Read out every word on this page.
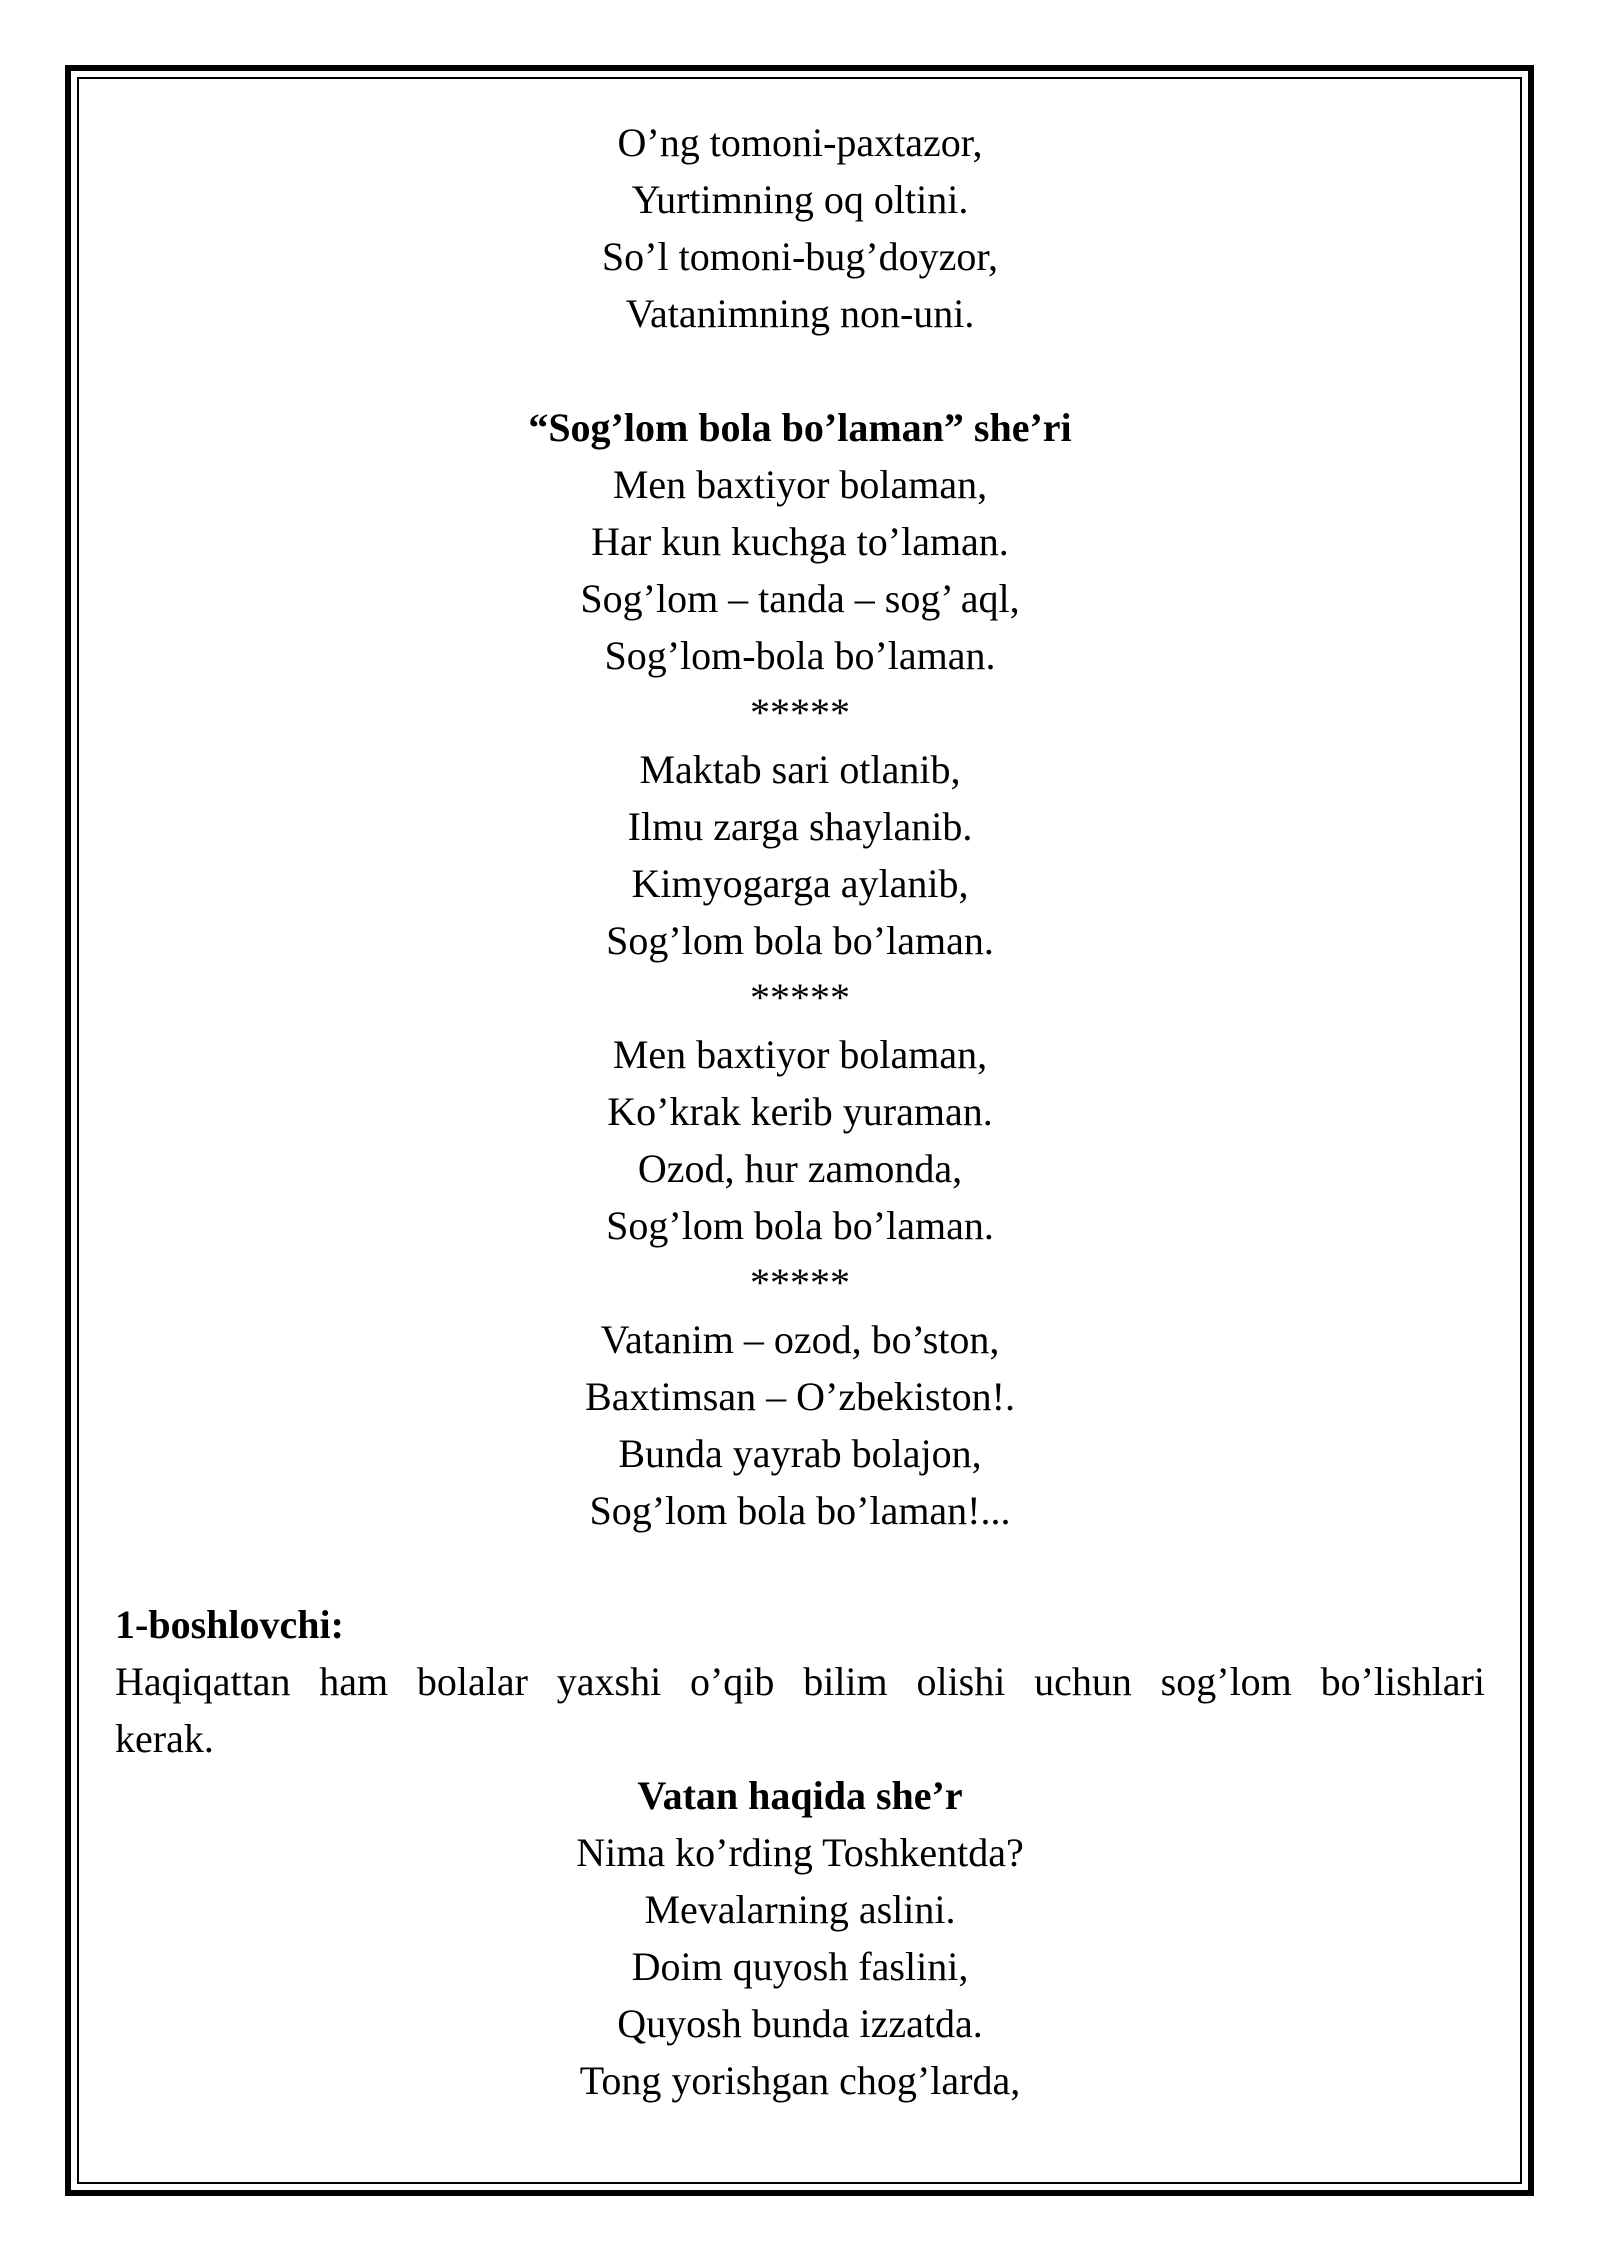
O’ng tomoni-paxtazor,
Yurtimning oq oltini.
So’l tomoni-bug’doyzor,
Vatanimning non-uni.
“Sog’lom bola bo’laman” she’ri
Men baxtiyor bolaman,
Har kun kuchga to’laman.
Sog’lom – tanda – sog’ aql,
Sog’lom-bola bo’laman.
*****
Maktab sari otlanib,
Ilmu zarga shaylanib.
Kimyogarga aylanib,
Sog’lom bola bo’laman.
*****
Men baxtiyor bolaman,
Ko’krak kerib yuraman.
Ozod, hur zamonda,
Sog’lom bola bo’laman.
*****
Vatanim – ozod, bo’ston,
Baxtimsan – O’zbekiston!.
Bunda yayrab bolajon,
Sog’lom bola bo’laman!...
1-boshlovchi:
Haqiqattan ham bolalar yaxshi o’qib bilim olishi uchun sog’lom bo’lishlari
kerak.
Vatan haqida she’r
Nima ko’rding Toshkentda?
Mevalarning aslini.
Doim quyosh faslini,
Quyosh bunda izzatda.
Tong yorishgan chog’larda,
